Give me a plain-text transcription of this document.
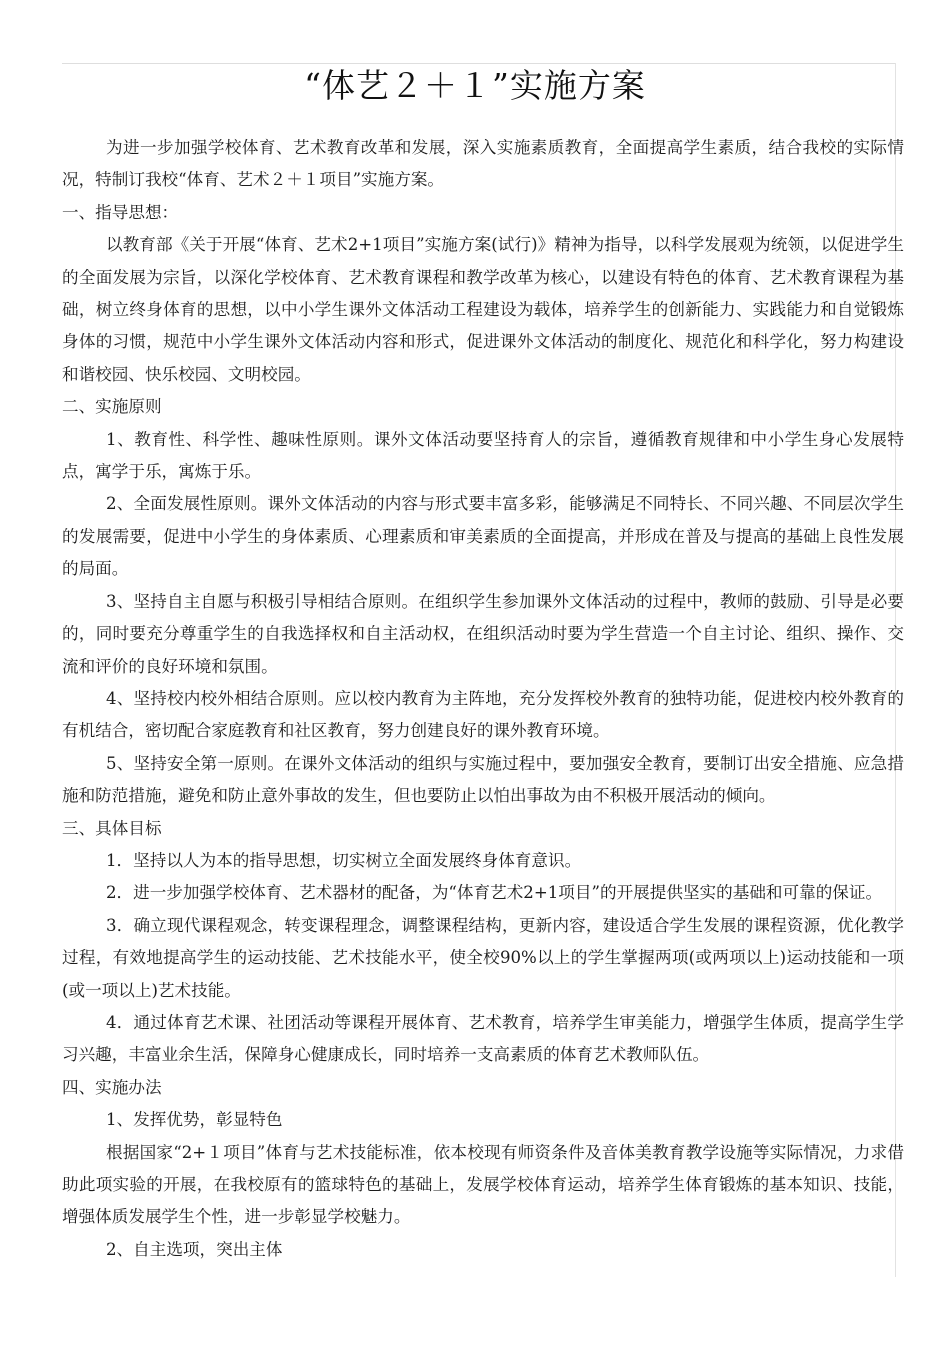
“体艺２＋１”实施方案

为进一步加强学校体育、艺术教育改革和发展，深入实施素质教育，全面提高学生素质，结合我校的实际情况，特制订我校“体育、艺术２＋１项目”实施方案。

一、指导思想：

以教育部《关于开展“体育、艺术2+1项目”实施方案(试行)》精神为指导，以科学发展观为统领，以促进学生的全面发展为宗旨，以深化学校体育、艺术教育课程和教学改革为核心，以建设有特色的体育、艺术教育课程为基础，树立终身体育的思想，以中小学生课外文体活动工程建设为载体，培养学生的创新能力、实践能力和自觉锻炼身体的习惯，规范中小学生课外文体活动内容和形式，促进课外文体活动的制度化、规范化和科学化，努力构建设和谐校园、快乐校园、文明校园。

二、实施原则

1、教育性、科学性、趣味性原则。课外文体活动要坚持育人的宗旨，遵循教育规律和中小学生身心发展特点，寓学于乐，寓炼于乐。

2、全面发展性原则。课外文体活动的内容与形式要丰富多彩，能够满足不同特长、不同兴趣、不同层次学生的发展需要，促进中小学生的身体素质、心理素质和审美素质的全面提高，并形成在普及与提高的基础上良性发展的局面。

3、坚持自主自愿与积极引导相结合原则。在组织学生参加课外文体活动的过程中，教师的鼓励、引导是必要的，同时要充分尊重学生的自我选择权和自主活动权，在组织活动时要为学生营造一个自主讨论、组织、操作、交流和评价的良好环境和氛围。

4、坚持校内校外相结合原则。应以校内教育为主阵地，充分发挥校外教育的独特功能，促进校内校外教育的有机结合，密切配合家庭教育和社区教育，努力创建良好的课外教育环境。

5、坚持安全第一原则。在课外文体活动的组织与实施过程中，要加强安全教育，要制订出安全措施、应急措施和防范措施，避免和防止意外事故的发生，但也要防止以怕出事故为由不积极开展活动的倾向。

三、具体目标

1．坚持以人为本的指导思想，切实树立全面发展终身体育意识。

2．进一步加强学校体育、艺术器材的配备，为“体育艺术2+1项目”的开展提供坚实的基础和可靠的保证。

3．确立现代课程观念，转变课程理念，调整课程结构，更新内容，建设适合学生发展的课程资源，优化教学过程，有效地提高学生的运动技能、艺术技能水平，使全校90%以上的学生掌握两项(或两项以上)运动技能和一项(或一项以上)艺术技能。

4．通过体育艺术课、社团活动等课程开展体育、艺术教育，培养学生审美能力，增强学生体质，提高学生学习兴趣，丰富业余生活，保障身心健康成长，同时培养一支高素质的体育艺术教师队伍。

四、实施办法

1、发挥优势，彰显特色

根据国家“2+１项目”体育与艺术技能标准，依本校现有师资条件及音体美教育教学设施等实际情况，力求借助此项实验的开展，在我校原有的篮球特色的基础上，发展学校体育运动，培养学生体育锻炼的基本知识、技能，增强体质发展学生个性，进一步彰显学校魅力。

2、自主选项，突出主体
